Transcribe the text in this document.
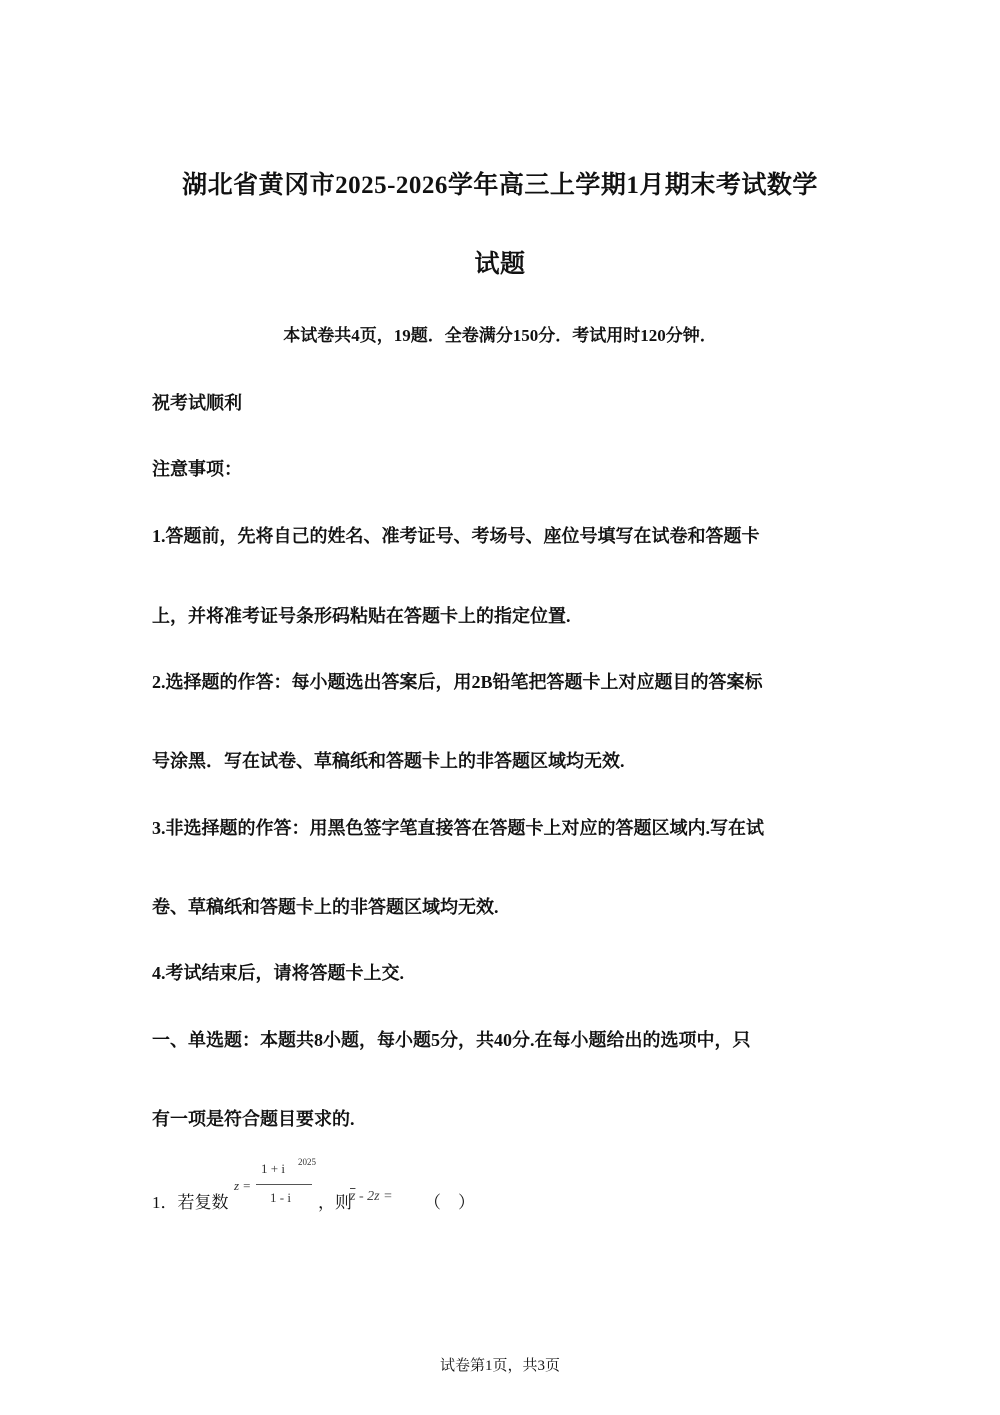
湖北省黄冈市2025-2026学年高三上学期1月期末考试数学
试题
本试卷共4页，19题．全卷满分150分．考试用时120分钟．
祝考试顺利
注意事项：
1.答题前，先将自己的姓名、准考证号、考场号、座位号填写在试卷和答题卡
上，并将准考证号条形码粘贴在答题卡上的指定位置.
2.选择题的作答：每小题选出答案后，用2B铅笔把答题卡上对应题目的答案标
号涂黑．写在试卷、草稿纸和答题卡上的非答题区域均无效.
3.非选择题的作答：用黑色签字笔直接答在答题卡上对应的答题区域内.写在试
卷、草稿纸和答题卡上的非答题区域均无效.
4.考试结束后，请将答题卡上交.
一、单选题：本题共8小题，每小题5分，共40分.在每小题给出的选项中，只
有一项是符合题目要求的.
1．若复数
z =
1 + i 2025
1 - i ，则
$\overline{z} - 2z$ = （　）
试卷第1页，共3页
